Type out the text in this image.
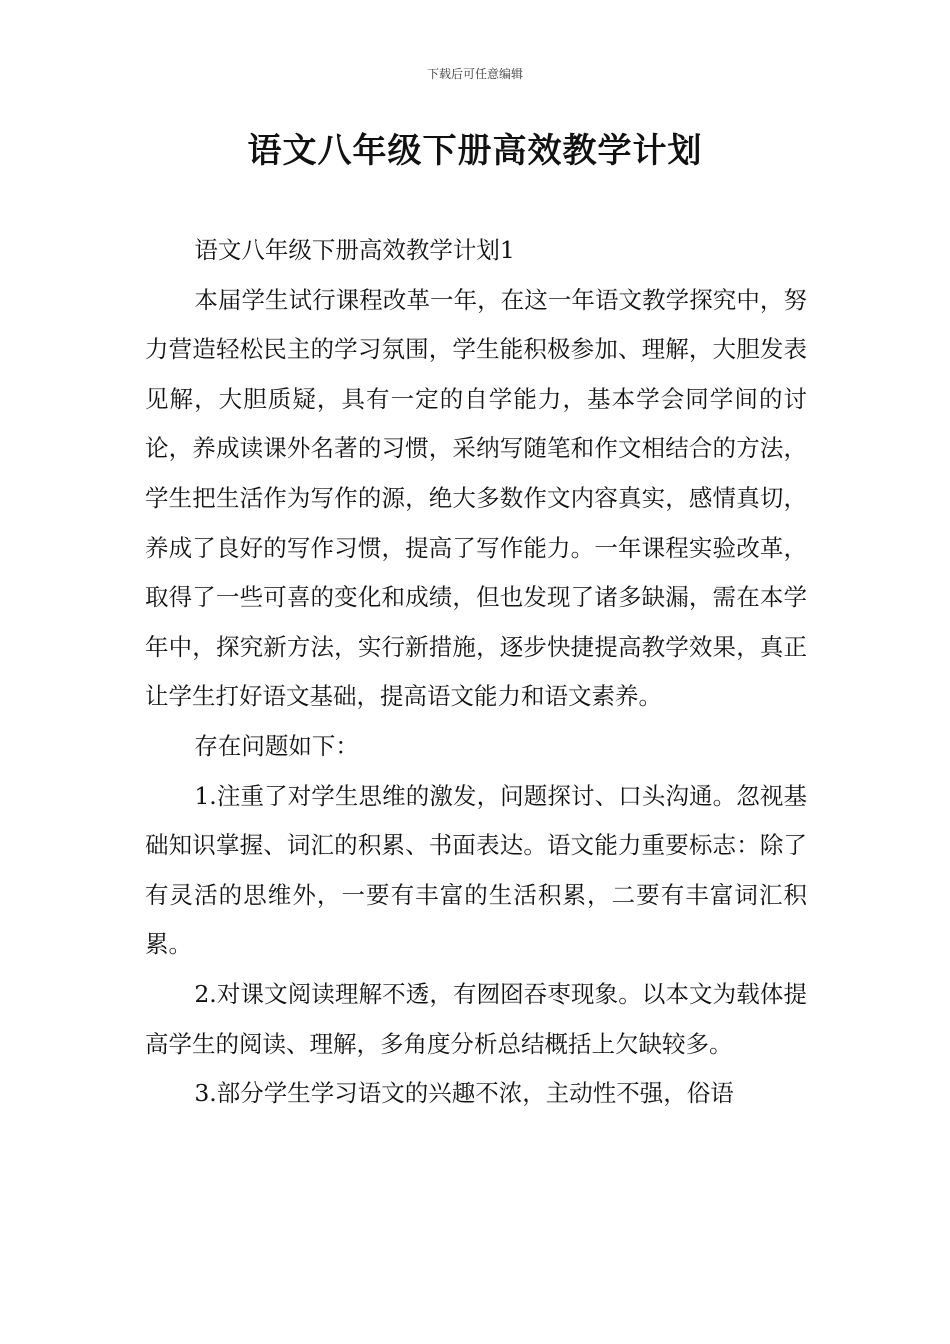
下载后可任意编辑
语文八年级下册高效教学计划

语文八年级下册高效教学计划1

本届学生试行课程改革一年，在这一年语文教学探究中，努力营造轻松民主的学习氛围，学生能积极参加、理解，大胆发表见解，大胆质疑，具有一定的自学能力，基本学会同学间的讨论，养成读课外名著的习惯，采纳写随笔和作文相结合的方法，学生把生活作为写作的源，绝大多数作文内容真实，感情真切，养成了良好的写作习惯，提高了写作能力。一年课程实验改革，取得了一些可喜的变化和成绩，但也发现了诸多缺漏，需在本学年中，探究新方法，实行新措施，逐步快捷提高教学效果，真正让学生打好语文基础，提高语文能力和语文素养。

存在问题如下：

1.注重了对学生思维的激发，问题探讨、口头沟通。忽视基础知识掌握、词汇的积累、书面表达。语文能力重要标志：除了有灵活的思维外，一要有丰富的生活积累，二要有丰富词汇积累。

2.对课文阅读理解不透，有囫囵吞枣现象。以本文为载体提高学生的阅读、理解，多角度分析总结概括上欠缺较多。

3.部分学生学习语文的兴趣不浓，主动性不强，俗语
